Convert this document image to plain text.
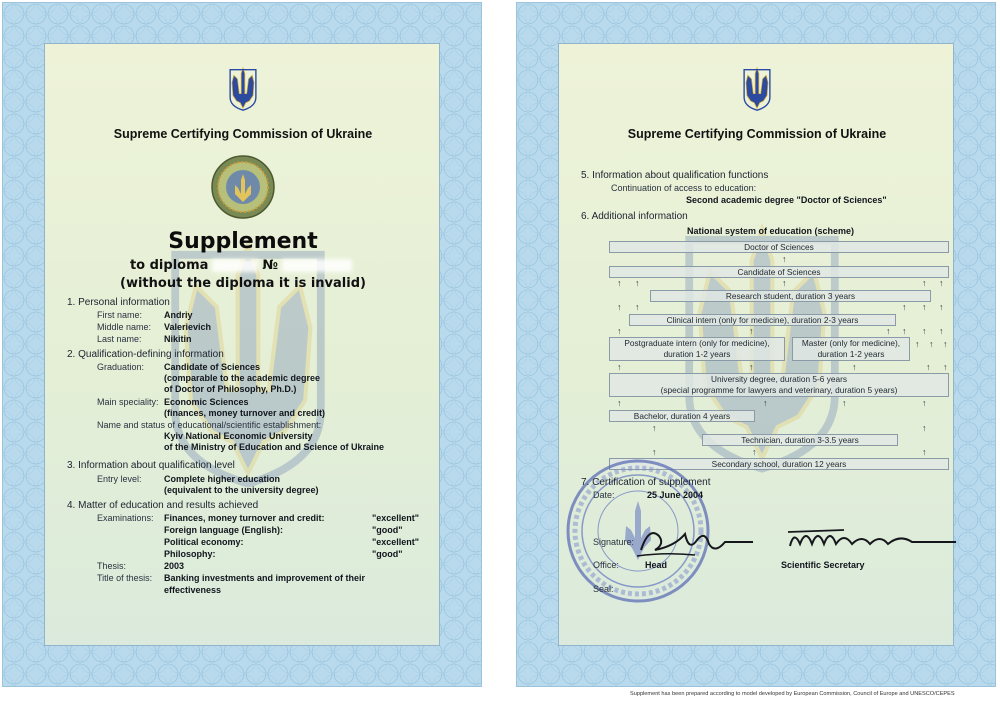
Supreme Certifying Commission of Ukraine
Supplement
to diploma	№
(without the diploma it is invalid)
1. Personal information
First name: Andriy
Middle name: Valerievich
Last name: Nikitin
2. Qualification-defining information
Graduation: Candidate of Sciences
(comparable to the academic degree
of Doctor of Philosophy, Ph.D.)
Main speciality: Economic Sciences
(finances, money turnover and credit)
Name and status of educational/scientific establishment:
Kyiv National Economic University
of the Ministry of Education and Science of Ukraine
3. Information about qualification level
Entry level: Complete higher education
(equivalent to the university degree)
4. Matter of education and results achieved
Examinations: Finances, money turnover and credit:	"excellent"
Foreign language (English):	"good"
Political economy:	"excellent"
Philosophy:	"good"
Thesis:	2003
Title of thesis: Banking investments and improvement of their
effectiveness
Supreme Certifying Commission of Ukraine
5. Information about qualification functions
Continuation of access to education:
Second academic degree "Doctor of Sciences"
6. Additional information
National system of education (scheme)
Doctor of Sciences
Candidate of Sciences
Research student, duration 3 years
Clinical intern (only for medicine), duration 2-3 years
Postgraduate intern (only for medicine),
duration 1-2 years
Master (only for medicine),
duration 1-2 years
University degree, duration 5-6 years
(special programme for lawyers and veterinary, duration 5 years)
Bachelor, duration 4 years
Technician, duration 3-3.5 years
Secondary school, duration 12 years
↑
↑ ↑	↑	↑ ↑
↑ ↑	↑ ↑ ↑
↑	↑	↑ ↑ ↑ ↑
↑ ↑ ↑
↑	↑	↑	↑ ↑
↑	↑	↑	↑
↑	↑
↑	↑	↑
7. Certification of supplement
Date:	25 June 2004
Signature:
Office:	Head	Scientific Secretary
Seal:
Supplement has been prepared according to model developed by European Commission, Council of Europe and UNESCO/CEPES
